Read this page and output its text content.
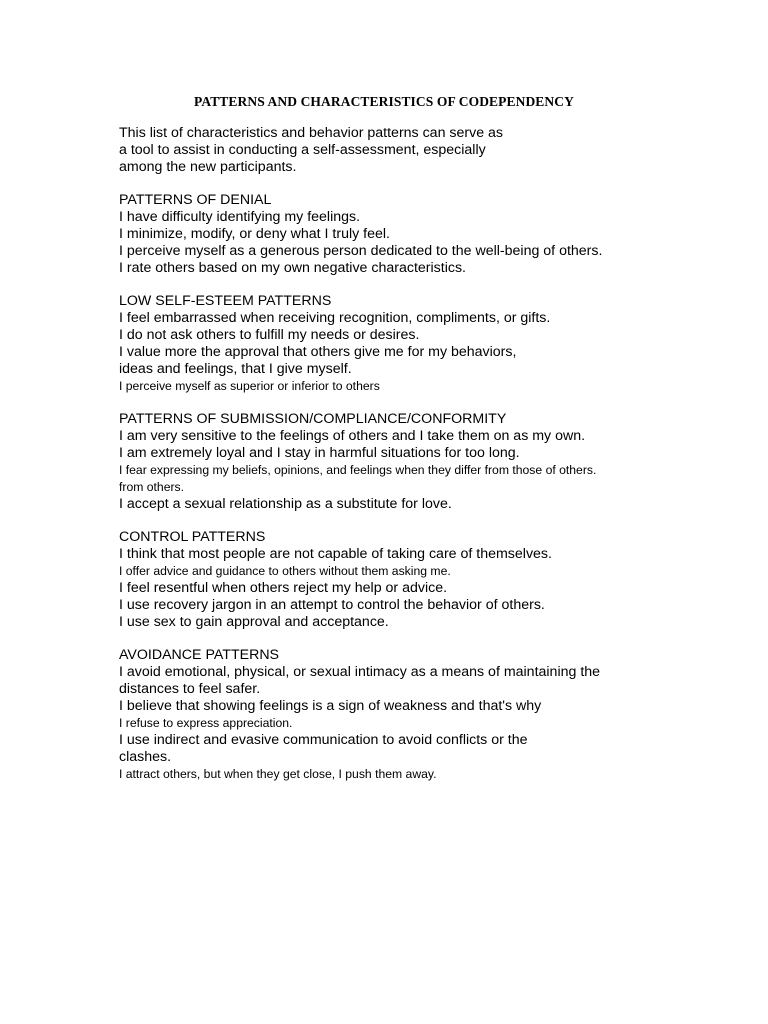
PATTERNS AND CHARACTERISTICS OF CODEPENDENCY
This list of characteristics and behavior patterns can serve as
a tool to assist in conducting a self-assessment, especially
among the new participants.
PATTERNS OF DENIAL
I have difficulty identifying my feelings.
I minimize, modify, or deny what I truly feel.
I perceive myself as a generous person dedicated to the well-being of others.
I rate others based on my own negative characteristics.
LOW SELF-ESTEEM PATTERNS
I feel embarrassed when receiving recognition, compliments, or gifts.
I do not ask others to fulfill my needs or desires.
I value more the approval that others give me for my behaviors,
ideas and feelings, that I give myself.
I perceive myself as superior or inferior to others
PATTERNS OF SUBMISSION/COMPLIANCE/CONFORMITY
I am very sensitive to the feelings of others and I take them on as my own.
I am extremely loyal and I stay in harmful situations for too long.
I fear expressing my beliefs, opinions, and feelings when they differ from those of others.
from others.
I accept a sexual relationship as a substitute for love.
CONTROL PATTERNS
I think that most people are not capable of taking care of themselves.
I offer advice and guidance to others without them asking me.
I feel resentful when others reject my help or advice.
I use recovery jargon in an attempt to control the behavior of others.
I use sex to gain approval and acceptance.
AVOIDANCE PATTERNS
I avoid emotional, physical, or sexual intimacy as a means of maintaining the
distances to feel safer.
I believe that showing feelings is a sign of weakness and that's why
I refuse to express appreciation.
I use indirect and evasive communication to avoid conflicts or the
clashes.
I attract others, but when they get close, I push them away.
